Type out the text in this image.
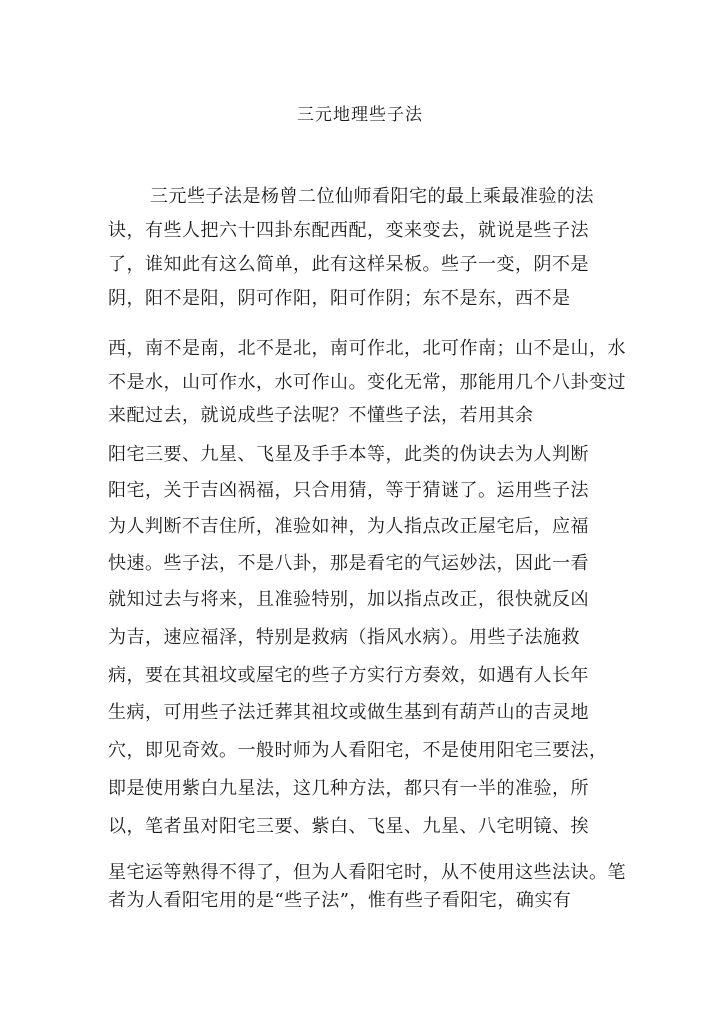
三元地理些子法
三元些子法是杨曾二位仙师看阳宅的最上乘最准验的法
诀，有些人把六十四卦东配西配，变来变去，就说是些子法
了，谁知此有这么简单，此有这样呆板。些子一变，阴不是
阴，阳不是阳，阴可作阳，阳可作阴；东不是东，西不是
西，南不是南，北不是北，南可作北，北可作南；山不是山，水
不是水，山可作水，水可作山。变化无常，那能用几个八卦变过
来配过去，就说成些子法呢？不懂些子法，若用其余
阳宅三要、九星、飞星及手手本等，此类的伪诀去为人判断
阳宅，关于吉凶祸福，只合用猜，等于猜谜了。运用些子法
为人判断不吉住所，准验如神，为人指点改正屋宅后，应福
快速。些子法，不是八卦，那是看宅的气运妙法，因此一看
就知过去与将来，且准验特别，加以指点改正，很快就反凶
为吉，速应福泽，特别是救病（指风水病）。用些子法施救
病，要在其祖坟或屋宅的些子方实行方奏效，如遇有人长年
生病，可用些子法迁葬其祖坟或做生基到有葫芦山的吉灵地
穴，即见奇效。一般时师为人看阳宅，不是使用阳宅三要法，
即是使用紫白九星法，这几种方法，都只有一半的准验，所
以，笔者虽对阳宅三要、紫白、飞星、九星、八宅明镜、挨
星宅运等熟得不得了，但为人看阳宅时，从不使用这些法诀。笔
者为人看阳宅用的是“些子法”，惟有些子看阳宅，确实有
